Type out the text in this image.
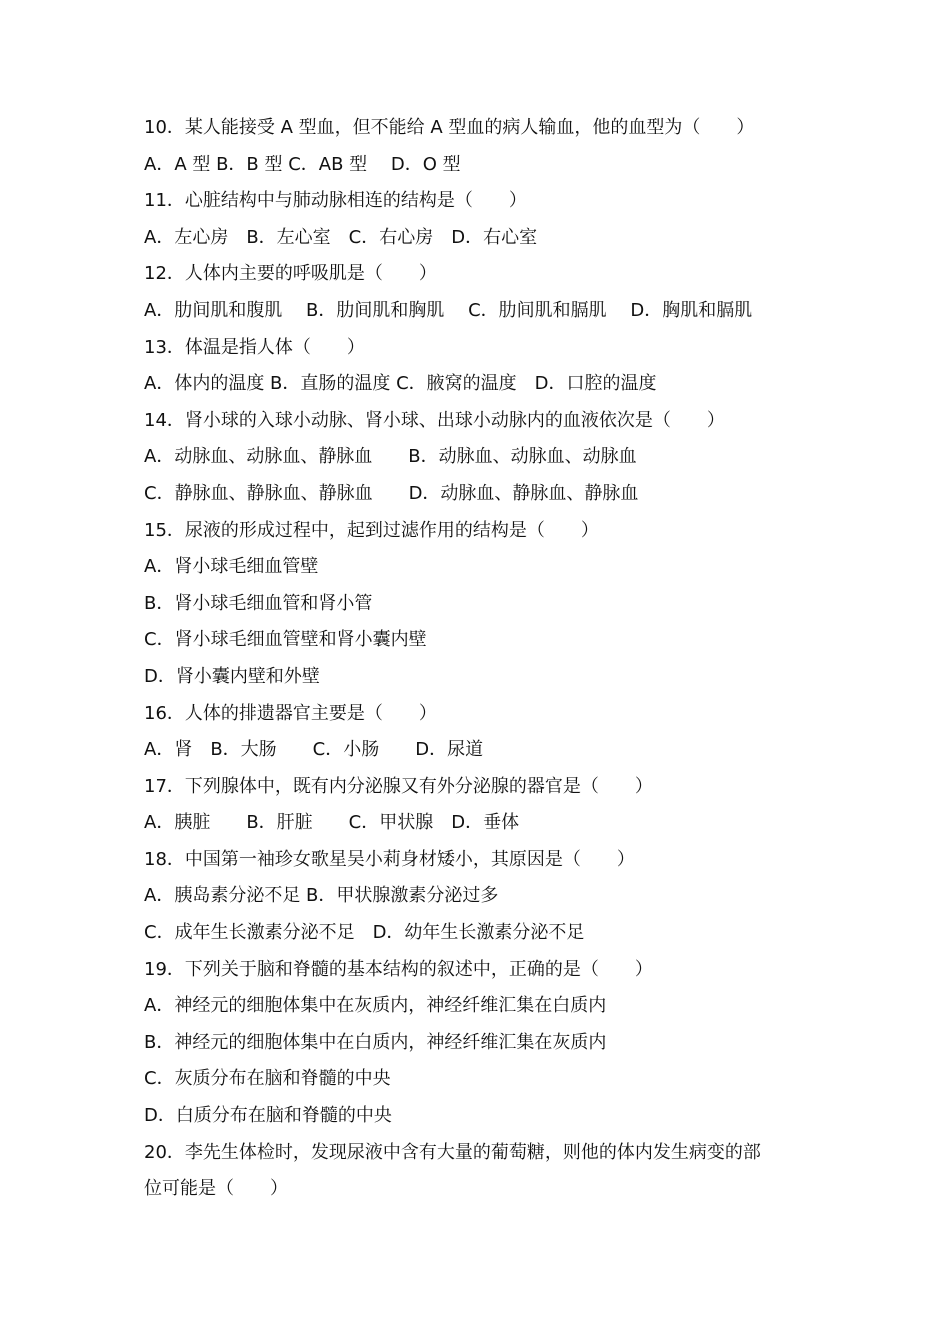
10．某人能接受 A 型血，但不能给 A 型血的病人输血，他的血型为（　　）
A．A 型 B．B 型 C．AB 型　 D．O 型
11．心脏结构中与肺动脉相连的结构是（　　）
A．左心房　B．左心室　C．右心房　D．右心室
12．人体内主要的呼吸肌是（　　）
A．肋间肌和腹肌　 B．肋间肌和胸肌　 C．肋间肌和膈肌　 D．胸肌和膈肌
13．体温是指人体（　　）
A．体内的温度 B．直肠的温度 C．腋窝的温度　D．口腔的温度
14．肾小球的入球小动脉、肾小球、出球小动脉内的血液依次是（　　）
A．动脉血、动脉血、静脉血　　B．动脉血、动脉血、动脉血
C．静脉血、静脉血、静脉血　　D．动脉血、静脉血、静脉血
15．尿液的形成过程中，起到过滤作用的结构是（　　）
A．肾小球毛细血管壁
B．肾小球毛细血管和肾小管
C．肾小球毛细血管壁和肾小囊内壁
D．肾小囊内壁和外壁
16．人体的排遗器官主要是（　　）
A．肾　B．大肠　　C．小肠　　D．尿道
17．下列腺体中，既有内分泌腺又有外分泌腺的器官是（　　）
A．胰脏　　B．肝脏　　C．甲状腺　D．垂体
18．中国第一袖珍女歌星吴小莉身材矮小，其原因是（　　）
A．胰岛素分泌不足 B．甲状腺激素分泌过多
C．成年生长激素分泌不足　D．幼年生长激素分泌不足
19．下列关于脑和脊髓的基本结构的叙述中，正确的是（　　）
A．神经元的细胞体集中在灰质内，神经纤维汇集在白质内
B．神经元的细胞体集中在白质内，神经纤维汇集在灰质内
C．灰质分布在脑和脊髓的中央
D．白质分布在脑和脊髓的中央
20．李先生体检时，发现尿液中含有大量的葡萄糖，则他的体内发生病变的部
位可能是（　　）
